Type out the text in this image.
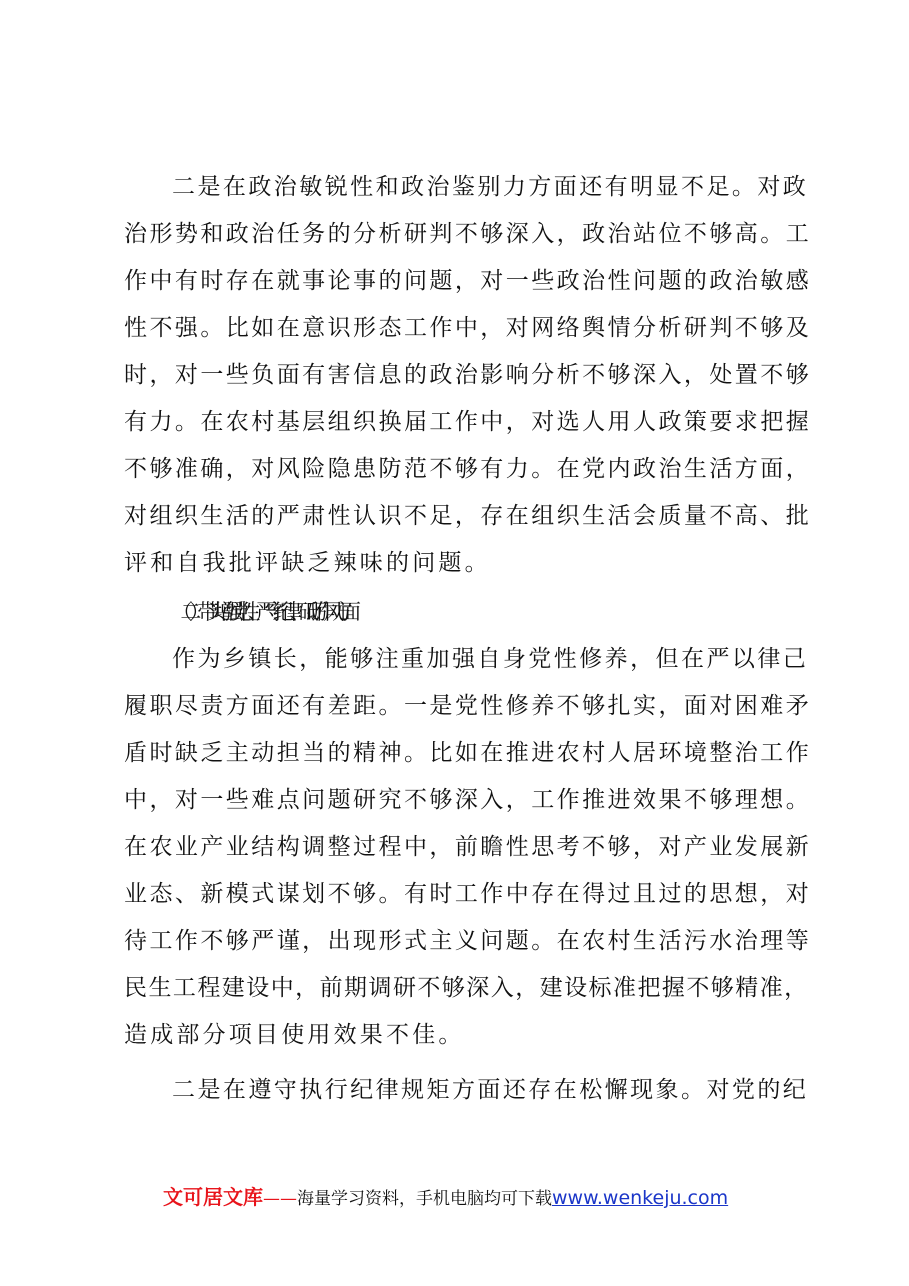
二是在政治敏锐性和政治鉴别力方面还有明显不足。对政
治形势和政治任务的分析研判不够深入，政治站位不够高。工
作中有时存在就事论事的问题，对一些政治性问题的政治敏感
性不强。比如在意识形态工作中，对网络舆情分析研判不够及
时，对一些负面有害信息的政治影响分析不够深入，处置不够
有力。在农村基层组织换届工作中，对选人用人政策要求把握
不够准确，对风险隐患防范不够有力。在党内政治生活方面，
对组织生活的严肃性认识不足，存在组织生活会质量不高、批
评和自我批评缺乏辣味的问题。
（二）带头增强党性、严守纪律、砥砺作风方面
作为乡镇长，能够注重加强自身党性修养，但在严以律己
履职尽责方面还有差距。一是党性修养不够扎实，面对困难矛
盾时缺乏主动担当的精神。比如在推进农村人居环境整治工作
中，对一些难点问题研究不够深入，工作推进效果不够理想。
在农业产业结构调整过程中，前瞻性思考不够，对产业发展新
业态、新模式谋划不够。有时工作中存在得过且过的思想，对
待工作不够严谨，出现形式主义问题。在农村生活污水治理等
民生工程建设中，前期调研不够深入，建设标准把握不够精准，
造成部分项目使用效果不佳。
二是在遵守执行纪律规矩方面还存在松懈现象。对党的纪
文可居文库——海量学习资料，手机电脑均可下载www.wenkeju.com
